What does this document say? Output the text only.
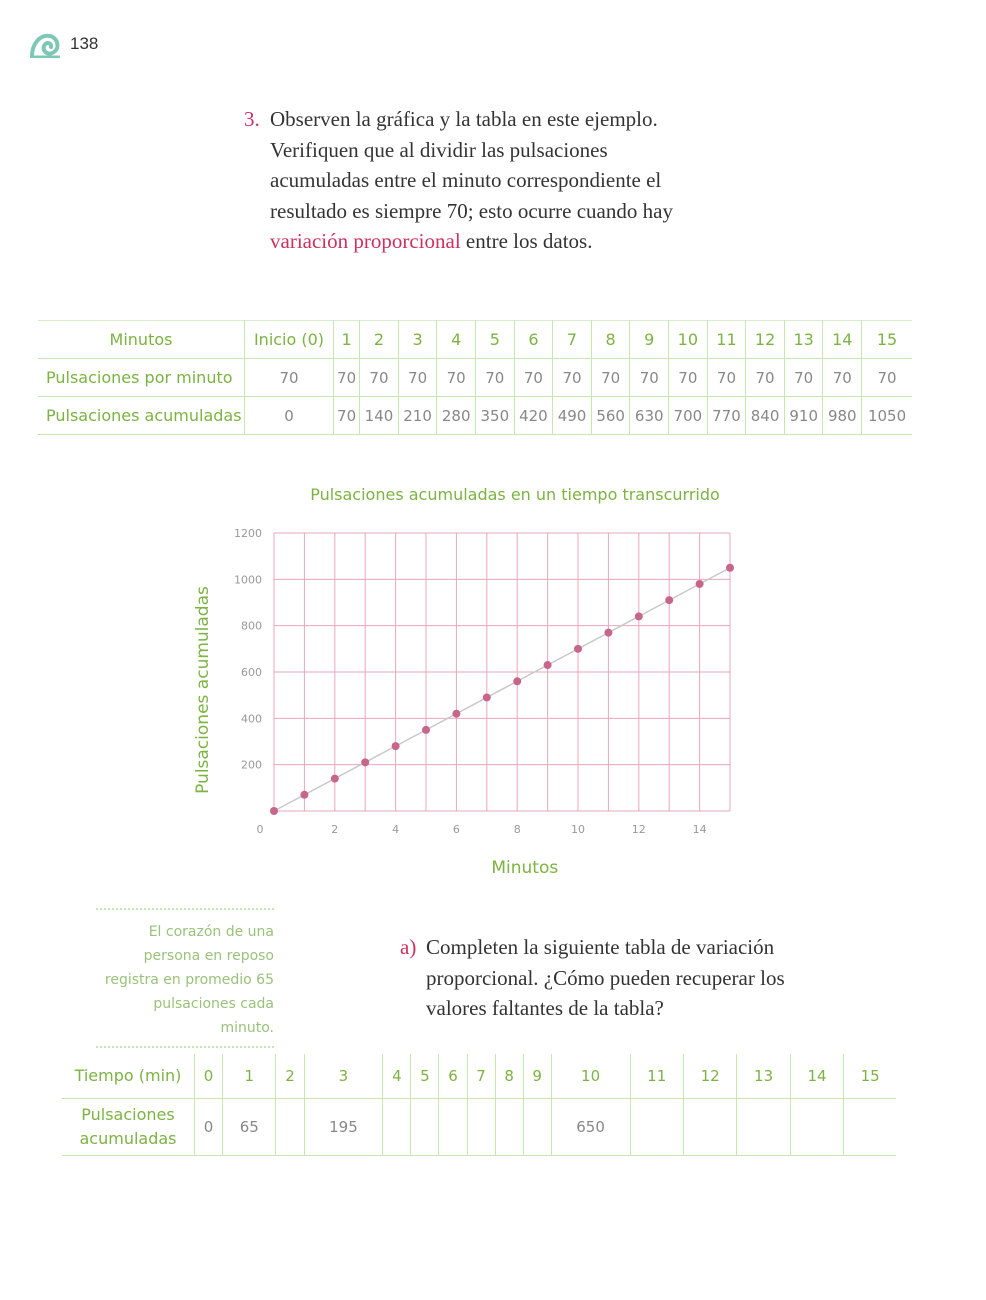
138
3. Observen la gráfica y la tabla en este ejemplo. Verifiquen que al dividir las pulsaciones acumuladas entre el minuto correspondiente el resultado es siempre 70; esto ocurre cuando hay variación proporcional entre los datos.
Minutos	Inicio (0)	1	2	3	4	5	6	7	8	9	10	11	12	13	14	15
Pulsaciones por minuto	70	70	70	70	70	70	70	70	70	70	70	70	70	70	70	70
Pulsaciones acumuladas	0	70	140	210	280	350	420	490	560	630	700	770	840	910	980	1050
Pulsaciones acumuladas en un tiempo transcurrido
200
400
600
800
1000
1200
0	2	4	6	8	10	12	14
Minutos
Pulsaciones acumuladas
El corazón de una persona en reposo registra en promedio 65 pulsaciones cada minuto.
a) Completen la siguiente tabla de variación proporcional. ¿Cómo pueden recuperar los valores faltantes de la tabla?
Tiempo (min)	0	1	2	3	4	5	6	7	8	9	10	11	12	13	14	15
Pulsaciones acumuladas	0	65		195							650					
